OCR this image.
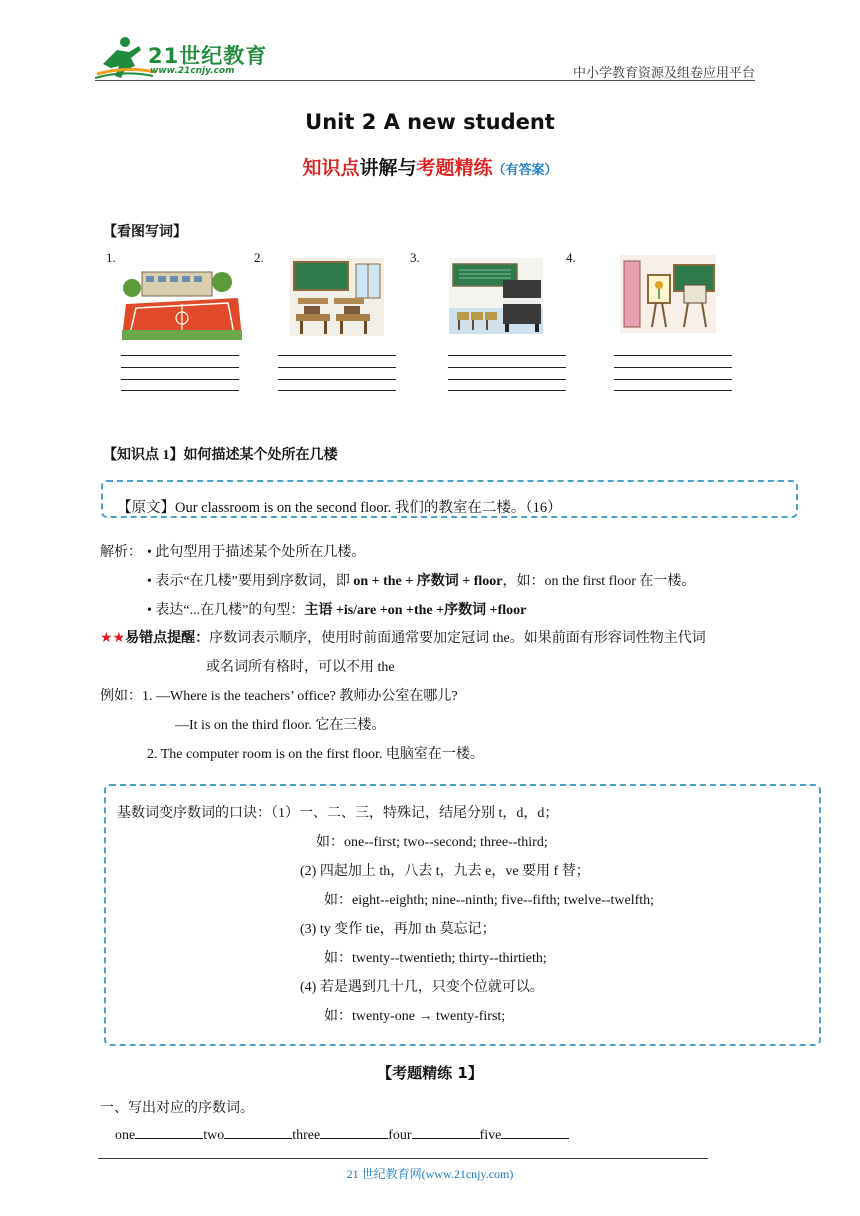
21世纪教育
www.21cnjy.com	中小学教育资源及组卷应用平台
Unit 2 A new student
知识点讲解与考题精练（有答案）
【看图写词】
1.	2.	3.	4.
【知识点 1】如何描述某个处所在几楼
【原文】Our classroom is on the second floor. 我们的教室在二楼。（16）
解析： • 此句型用于描述某个处所在几楼。
• 表示“在几楼”要用到序数词，即 on + the + 序数词 + floor，如：on the first floor 在一楼。
• 表达“...在几楼”的句型：主语 +is/are +on +the +序数词 +floor
★★易错点提醒：序数词表示顺序，使用时前面通常要加定冠词 the。如果前面有形容词性物主代词
或名词所有格时，可以不用 the
例如：1. —Where is the teachers’ office? 教师办公室在哪儿?
—It is on the third floor. 它在三楼。
2. The computer room is on the first floor. 电脑室在一楼。
基数词变序数词的口诀：（1）一、二、三，特殊记，结尾分别 t，d，d；
如：one--first; two--second; three--third;
(2) 四起加上 th，八去 t，九去 e，ve 要用 f 替；
如：eight--eighth; nine--ninth; five--fifth; twelve--twelfth;
(3) ty 变作 tie，再加 th 莫忘记；
如：twenty--twentieth; thirty--thirtieth;
(4) 若是遇到几十几，只变个位就可以。
如：twenty-one → twenty-first;
【考题精练 1】
一、写出对应的序数词。
one	two	three	four	five
21 世纪教育网(www.21cnjy.com)
